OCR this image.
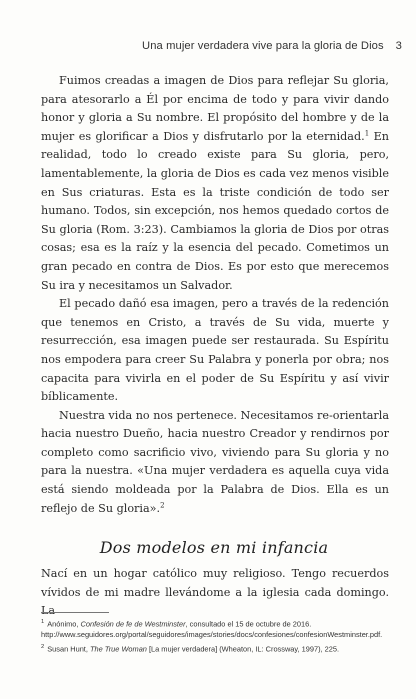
Una mujer verdadera vive para la gloria de Dios 3

Fuimos creadas a imagen de Dios para reflejar Su gloria, para atesorarlo a Él por encima de todo y para vivir dando honor y gloria a Su nombre. El propósito del hombre y de la mujer es glorificar a Dios y disfrutarlo por la eternidad.$^1$ En realidad, todo lo creado existe para Su gloria, pero, lamentablemente, la gloria de Dios es cada vez menos visible en Sus criaturas. Esta es la triste condición de todo ser humano. Todos, sin excepción, nos hemos quedado cortos de Su gloria (Rom. 3:23). Cambiamos la gloria de Dios por otras cosas; esa es la raíz y la esencia del pecado. Cometimos un gran pecado en contra de Dios. Es por esto que merecemos Su ira y necesitamos un Salvador.

El pecado dañó esa imagen, pero a través de la redención que tenemos en Cristo, a través de Su vida, muerte y resurrección, esa imagen puede ser restaurada. Su Espíritu nos empodera para creer Su Palabra y ponerla por obra; nos capacita para vivirla en el poder de Su Espíritu y así vivir bíblicamente.

Nuestra vida no nos pertenece. Necesitamos re-orientarla hacia nuestro Dueño, hacia nuestro Creador y rendirnos por completo como sacrificio vivo, viviendo para Su gloria y no para la nuestra. «Una mujer verdadera es aquella cuya vida está siendo moldeada por la Palabra de Dios. Ella es un reflejo de Su gloria».$^2$

Dos modelos en mi infancia

Nací en un hogar católico muy religioso. Tengo recuerdos vívidos de mi madre llevándome a la iglesia cada domingo. La

$^1$ Anónimo, Confesión de fe de Westminster, consultado el 15 de octubre de 2016. http://www.seguidores.org/portal/seguidores/images/stories/docs/confesiones/confesionWestminster.pdf.

$^2$ Susan Hunt, The True Woman [La mujer verdadera] (Wheaton, IL: Crossway, 1997), 225.
